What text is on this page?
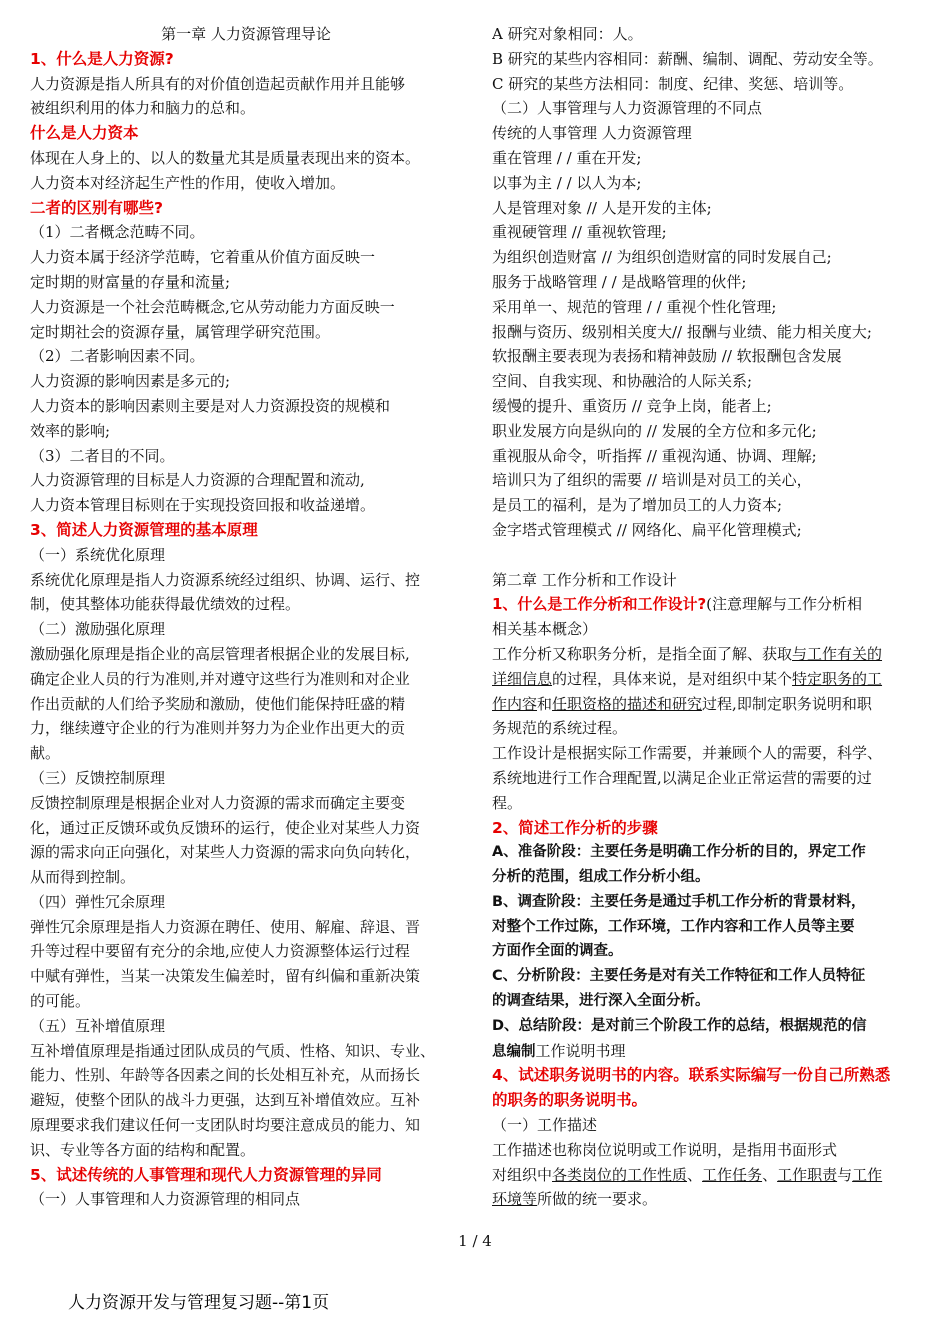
第一章 人力资源管理导论
1、什么是人力资源?
人力资源是指人所具有的对价值创造起贡献作用并且能够
被组织利用的体力和脑力的总和。
什么是人力资本
体现在人身上的、以人的数量尤其是质量表现出来的资本。
人力资本对经济起生产性的作用，使收入增加。
二者的区别有哪些?
（1）二者概念范畴不同。
人力资本属于经济学范畴，它着重从价值方面反映一
定时期的财富量的存量和流量;
人力资源是一个社会范畴概念,它从劳动能力方面反映一
定时期社会的资源存量，属管理学研究范围。
（2）二者影响因素不同。
人力资源的影响因素是多元的;
人力资本的影响因素则主要是对人力资源投资的规模和
效率的影响;
（3）二者目的不同。
人力资源管理的目标是人力资源的合理配置和流动,
人力资本管理目标则在于实现投资回报和收益递增。
3、简述人力资源管理的基本原理
（一）系统优化原理
系统优化原理是指人力资源系统经过组织、协调、运行、控
制，使其整体功能获得最优绩效的过程。
（二）激励强化原理
激励强化原理是指企业的高层管理者根据企业的发展目标,
确定企业人员的行为准则,并对遵守这些行为准则和对企业
作出贡献的人们给予奖励和激励，使他们能保持旺盛的精
力，继续遵守企业的行为准则并努力为企业作出更大的贡
献。
（三）反馈控制原理
反馈控制原理是根据企业对人力资源的需求而确定主要变
化，通过正反馈环或负反馈环的运行，使企业对某些人力资
源的需求向正向强化，对某些人力资源的需求向负向转化，
从而得到控制。
（四）弹性冗余原理
弹性冗余原理是指人力资源在聘任、使用、解雇、辞退、晋
升等过程中要留有充分的余地,应使人力资源整体运行过程
中赋有弹性，当某一决策发生偏差时，留有纠偏和重新决策
的可能。
（五）互补增值原理
互补增值原理是指通过团队成员的气质、性格、知识、专业、
能力、性别、年龄等各因素之间的长处相互补充，从而扬长
避短，使整个团队的战斗力更强，达到互补增值效应。互补
原理要求我们建议任何一支团队时均要注意成员的能力、知
识、专业等各方面的结构和配置。
5、试述传统的人事管理和现代人力资源管理的异同
（一）人事管理和人力资源管理的相同点
A 研究对象相同：人。
B 研究的某些内容相同：薪酬、编制、调配、劳动安全等。
C 研究的某些方法相同：制度、纪律、奖惩、培训等。
（二）人事管理与人力资源管理的不同点
传统的人事管理 人力资源管理
重在管理 / / 重在开发;
以事为主 / / 以人为本;
人是管理对象 // 人是开发的主体;
重视硬管理 // 重视软管理;
为组织创造财富 // 为组织创造财富的同时发展自己;
服务于战略管理 / / 是战略管理的伙伴;
采用单一、规范的管理 / / 重视个性化管理;
报酬与资历、级别相关度大// 报酬与业绩、能力相关度大;
软报酬主要表现为表扬和精神鼓励 // 软报酬包含发展
空间、自我实现、和协融洽的人际关系;
缓慢的提升、重资历 // 竞争上岗，能者上;
职业发展方向是纵向的 // 发展的全方位和多元化;
重视服从命令，听指挥 // 重视沟通、协调、理解;
培训只为了组织的需要 // 培训是对员工的关心，
是员工的福利，是为了增加员工的人力资本;
金字塔式管理模式 // 网络化、扁平化管理模式;
第二章 工作分析和工作设计
1、什么是工作分析和工作设计?(注意理解与工作分析相
相关基本概念）
工作分析又称职务分析，是指全面了解、获取与工作有关的
详细信息的过程，具体来说，是对组织中某个特定职务的工
作内容和任职资格的描述和研究过程,即制定职务说明和职
务规范的系统过程。
工作设计是根据实际工作需要，并兼顾个人的需要，科学、
系统地进行工作合理配置,以满足企业正常运营的需要的过
程。
2、简述工作分析的步骤
A、准备阶段：主要任务是明确工作分析的目的，界定工作
分析的范围，组成工作分析小组。
B、调查阶段：主要任务是通过手机工作分析的背景材料，
对整个工作过陈，工作环境，工作内容和工作人员等主要
方面作全面的调查。
C、分析阶段：主要任务是对有关工作特征和工作人员特征
的调查结果，进行深入全面分析。
D、总结阶段：是对前三个阶段工作的总结，根据规范的信
息编制工作说明书理
4、试述职务说明书的内容。联系实际编写一份自己所熟悉
的职务的职务说明书。
（一）工作描述
工作描述也称岗位说明或工作说明，是指用书面形式
对组织中各类岗位的工作性质、工作任务、工作职责与工作
环境等所做的统一要求。
1 / 4
人力资源开发与管理复习题--第1页
